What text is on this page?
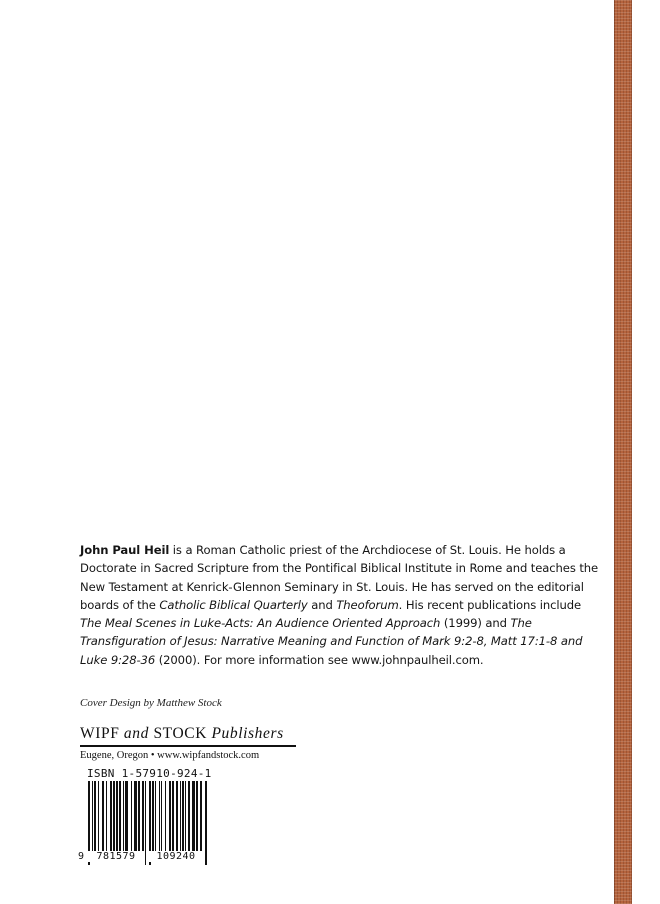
John Paul Heil is a Roman Catholic priest of the Archdiocese of St. Louis. He holds a Doctorate in Sacred Scripture from the Pontifical Biblical Institute in Rome and teaches the New Testament at Kenrick-Glennon Seminary in St. Louis. He has served on the editorial boards of the Catholic Biblical Quarterly and Theoforum. His recent publications include The Meal Scenes in Luke-Acts: An Audience Oriented Approach (1999) and The Transfiguration of Jesus: Narrative Meaning and Function of Mark 9:2-8, Matt 17:1-8 and Luke 9:28-36 (2000). For more information see www.johnpaulheil.com.

Cover Design by Matthew Stock
WIPF and STOCK Publishers
Eugene, Oregon • www.wipfandstock.com
ISBN 1-57910-924-1
9 781579 109240
